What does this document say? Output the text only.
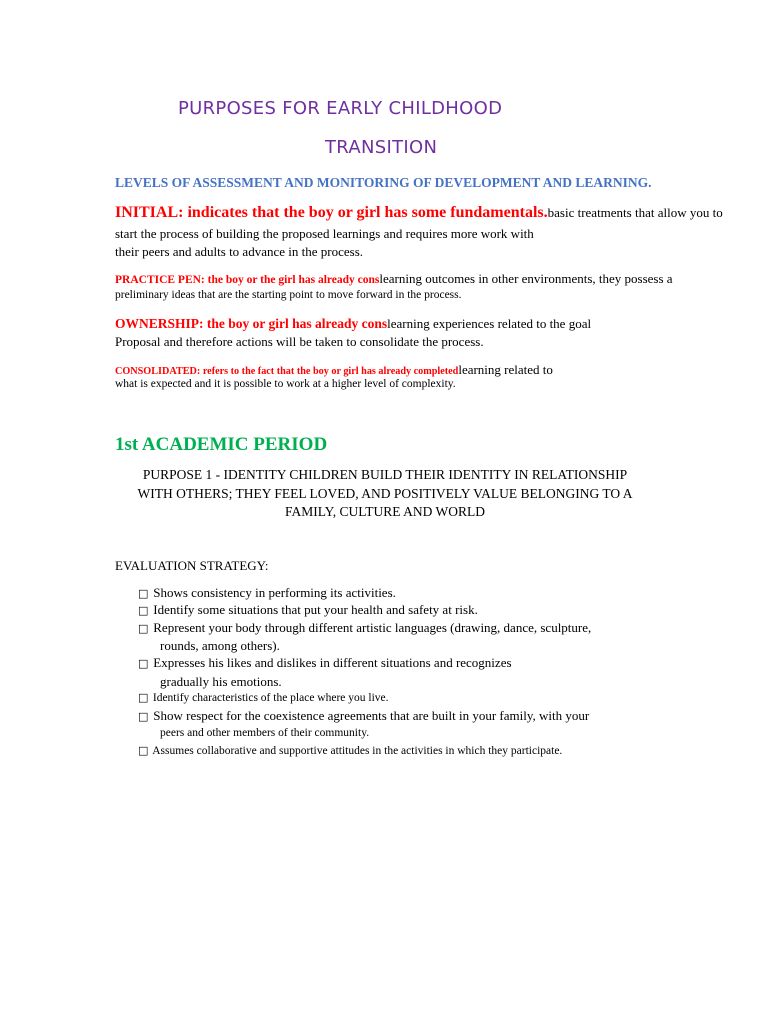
PURPOSES FOR EARLY CHILDHOOD
TRANSITION
LEVELS OF ASSESSMENT AND MONITORING OF DEVELOPMENT AND LEARNING.
INITIAL: indicates that the boy or girl has some fundamentals.basic treatments that allow you to
start the process of building the proposed learnings and requires more work with
their peers and adults to advance in the process.
PRACTICE PEN: the boy or the girl has already conslearning outcomes in other environments, they possess a
preliminary ideas that are the starting point to move forward in the process.
OWNERSHIP: the boy or girl has already conslearning experiences related to the goal
Proposal and therefore actions will be taken to consolidate the process.
CONSOLIDATED: refers to the fact that the boy or girl has already completedlearning related to
what is expected and it is possible to work at a higher level of complexity.
1st ACADEMIC PERIOD
PURPOSE 1 - IDENTITY CHILDREN BUILD THEIR IDENTITY IN RELATIONSHIP
WITH OTHERS; THEY FEEL LOVED, AND POSITIVELY VALUE BELONGING TO A
FAMILY, CULTURE AND WORLD
EVALUATION STRATEGY:
□ Shows consistency in performing its activities.
□ Identify some situations that put your health and safety at risk.
□ Represent your body through different artistic languages (drawing, dance, sculpture,
rounds, among others).
□ Expresses his likes and dislikes in different situations and recognizes
gradually his emotions.
□ Identify characteristics of the place where you live.
□ Show respect for the coexistence agreements that are built in your family, with your
peers and other members of their community.
□ Assumes collaborative and supportive attitudes in the activities in which they participate.
